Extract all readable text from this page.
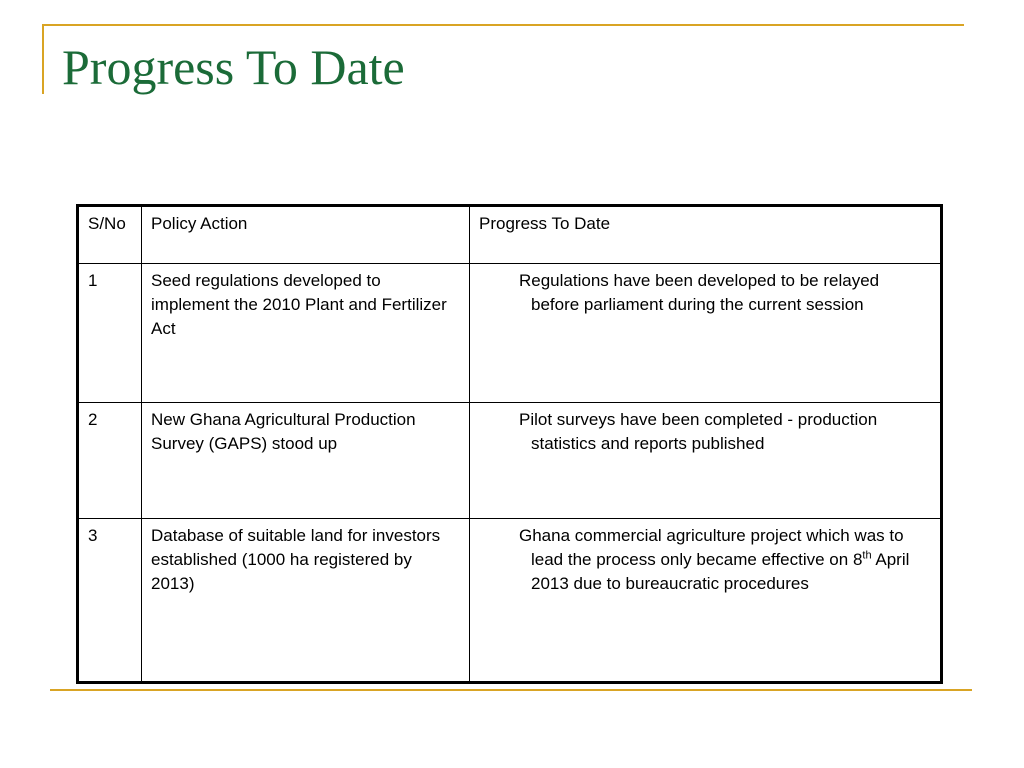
Progress To Date
S/No	Policy Action	Progress To Date
1	Seed regulations developed to implement the 2010 Plant and Fertilizer Act	Regulations have been developed to be relayed before parliament during the current session

2	New Ghana Agricultural Production Survey (GAPS) stood up	Pilot surveys have been completed - production statistics and reports published

3	Database of suitable land for investors established (1000 ha registered by 2013)	Ghana commercial agriculture project which was to lead the process only became effective on 8th April 2013 due to bureaucratic procedures
